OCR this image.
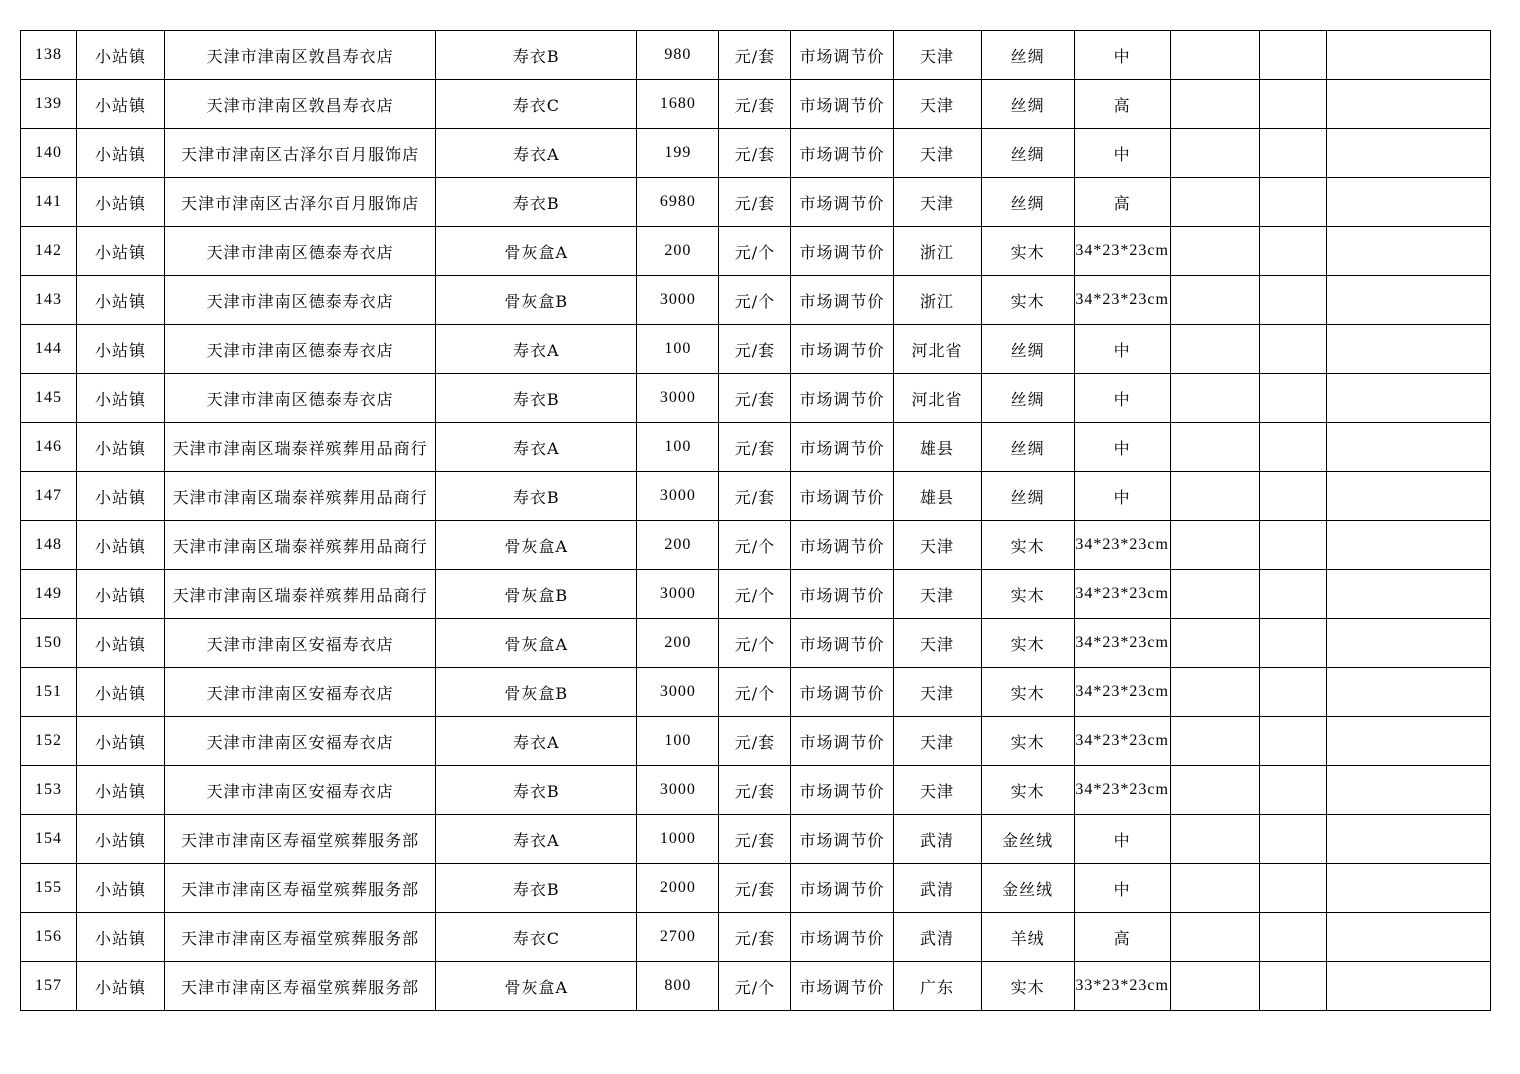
138	小站镇	天津市津南区敦昌寿衣店	寿衣B	980	元/套	市场调节价	天津	丝绸	中			
139	小站镇	天津市津南区敦昌寿衣店	寿衣C	1680	元/套	市场调节价	天津	丝绸	高			
140	小站镇	天津市津南区古泽尔百月服饰店	寿衣A	199	元/套	市场调节价	天津	丝绸	中			
141	小站镇	天津市津南区古泽尔百月服饰店	寿衣B	6980	元/套	市场调节价	天津	丝绸	高			
142	小站镇	天津市津南区德泰寿衣店	骨灰盒A	200	元/个	市场调节价	浙江	实木	34*23*23cm			
143	小站镇	天津市津南区德泰寿衣店	骨灰盒B	3000	元/个	市场调节价	浙江	实木	34*23*23cm			
144	小站镇	天津市津南区德泰寿衣店	寿衣A	100	元/套	市场调节价	河北省	丝绸	中			
145	小站镇	天津市津南区德泰寿衣店	寿衣B	3000	元/套	市场调节价	河北省	丝绸	中			
146	小站镇	天津市津南区瑞泰祥殡葬用品商行	寿衣A	100	元/套	市场调节价	雄县	丝绸	中			
147	小站镇	天津市津南区瑞泰祥殡葬用品商行	寿衣B	3000	元/套	市场调节价	雄县	丝绸	中			
148	小站镇	天津市津南区瑞泰祥殡葬用品商行	骨灰盒A	200	元/个	市场调节价	天津	实木	34*23*23cm			
149	小站镇	天津市津南区瑞泰祥殡葬用品商行	骨灰盒B	3000	元/个	市场调节价	天津	实木	34*23*23cm			
150	小站镇	天津市津南区安福寿衣店	骨灰盒A	200	元/个	市场调节价	天津	实木	34*23*23cm			
151	小站镇	天津市津南区安福寿衣店	骨灰盒B	3000	元/个	市场调节价	天津	实木	34*23*23cm			
152	小站镇	天津市津南区安福寿衣店	寿衣A	100	元/套	市场调节价	天津	实木	34*23*23cm			
153	小站镇	天津市津南区安福寿衣店	寿衣B	3000	元/套	市场调节价	天津	实木	34*23*23cm			
154	小站镇	天津市津南区寿福堂殡葬服务部	寿衣A	1000	元/套	市场调节价	武清	金丝绒	中			
155	小站镇	天津市津南区寿福堂殡葬服务部	寿衣B	2000	元/套	市场调节价	武清	金丝绒	中			
156	小站镇	天津市津南区寿福堂殡葬服务部	寿衣C	2700	元/套	市场调节价	武清	羊绒	高			
157	小站镇	天津市津南区寿福堂殡葬服务部	骨灰盒A	800	元/个	市场调节价	广东	实木	33*23*23cm			
